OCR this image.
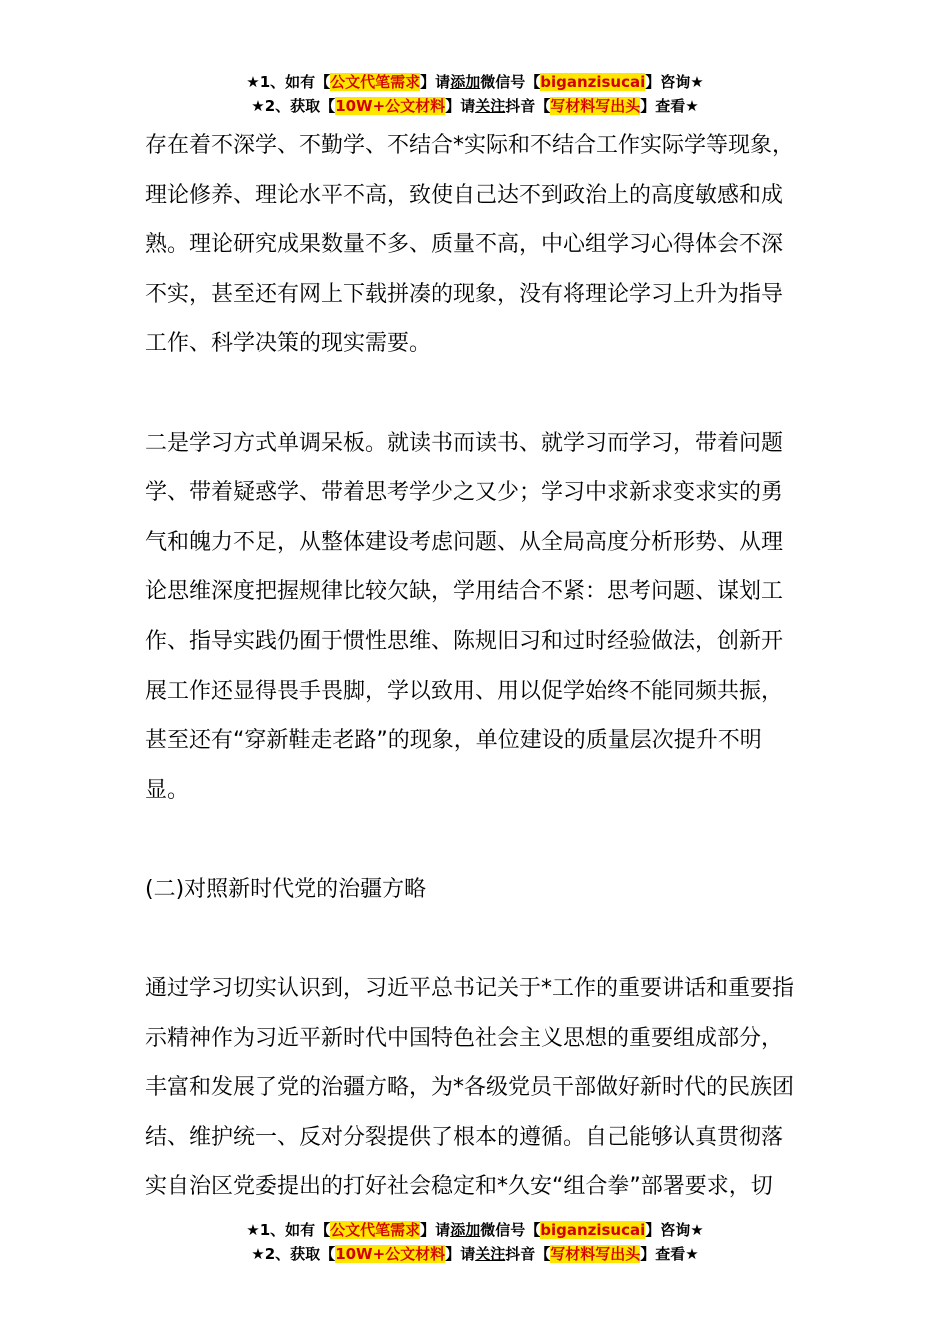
★1、如有【公文代笔需求】请添加微信号【biganzisucai】咨询★
★2、获取【10W+公文材料】请关注抖音【写材料写出头】查看★

存在着不深学、不勤学、不结合*实际和不结合工作实际学等现象，
理论修养、理论水平不高，致使自己达不到政治上的高度敏感和成
熟。理论研究成果数量不多、质量不高，中心组学习心得体会不深
不实，甚至还有网上下载拼凑的现象，没有将理论学习上升为指导
工作、科学决策的现实需要。

二是学习方式单调呆板。就读书而读书、就学习而学习，带着问题
学、带着疑惑学、带着思考学少之又少；学习中求新求变求实的勇
气和魄力不足，从整体建设考虑问题、从全局高度分析形势、从理
论思维深度把握规律比较欠缺，学用结合不紧：思考问题、谋划工
作、指导实践仍囿于惯性思维、陈规旧习和过时经验做法，创新开
展工作还显得畏手畏脚，学以致用、用以促学始终不能同频共振，
甚至还有“穿新鞋走老路”的现象，单位建设的质量层次提升不明
显。

(二)对照新时代党的治疆方略

通过学习切实认识到，习近平总书记关于*工作的重要讲话和重要指
示精神作为习近平新时代中国特色社会主义思想的重要组成部分，
丰富和发展了党的治疆方略，为*各级党员干部做好新时代的民族团
结、维护统一、反对分裂提供了根本的遵循。自己能够认真贯彻落
实自治区党委提出的打好社会稳定和*久安“组合拳”部署要求，切

★1、如有【公文代笔需求】请添加微信号【biganzisucai】咨询★
★2、获取【10W+公文材料】请关注抖音【写材料写出头】查看★
